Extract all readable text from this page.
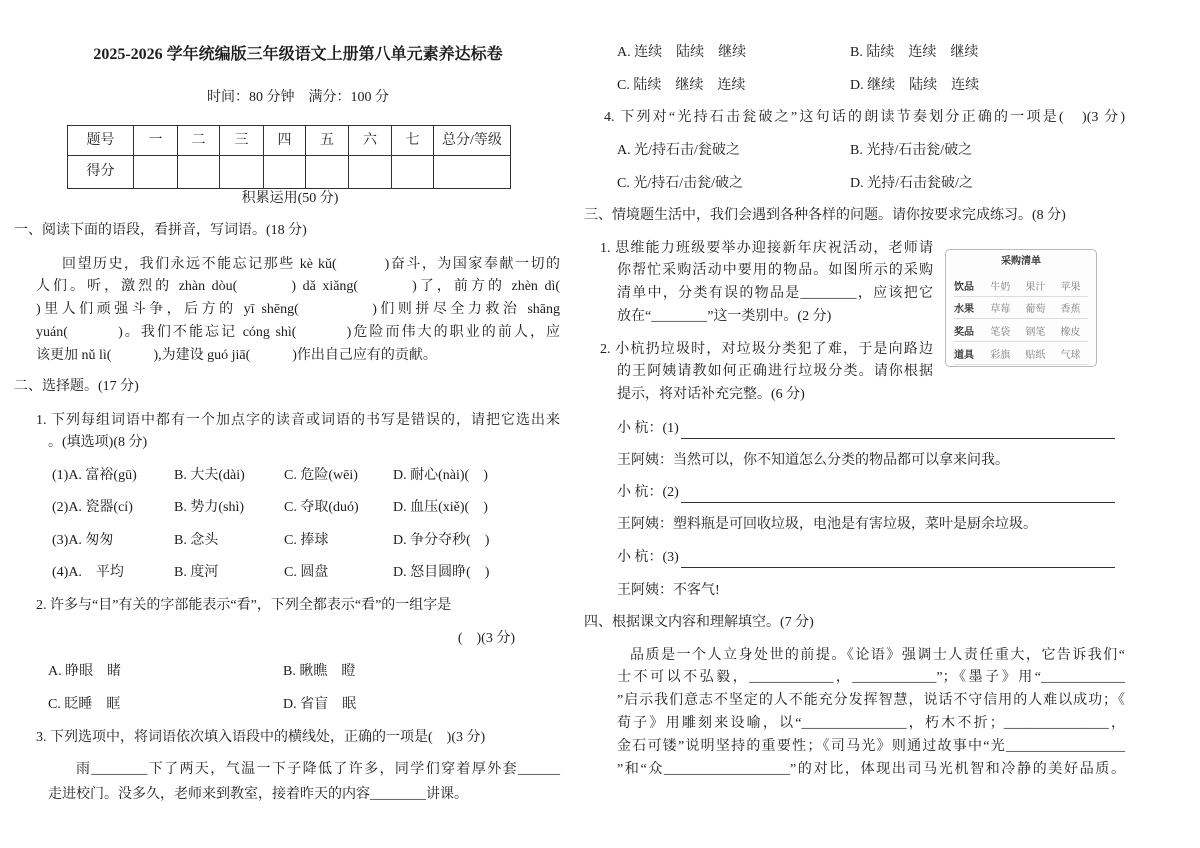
2025-2026 学年统编版三年级语文上册第八单元素养达标卷
时间：80 分钟　满分：100 分
题号	一	二	三	四	五	六	七	总分/等级
得分								
积累运用(50 分)
一、阅读下面的语段，看拼音，写词语。(18 分)
回望历史，我们永远不能忘记那些 kè kǔ(　　　)奋斗，为国家奉献一切的
人们。听，激烈的 zhàn dòu(　　　) dǎ xiǎng(　　　)了，前方的 zhèn dì(
)里人们顽强斗争，后方的 yī shēng(　　　　)们则拼尽全力救治 shāng
yuán(　　　)。我们不能忘记 cóng shì(　　　)危险而伟大的职业的前人，应
该更加 nǔ lì(　　　),为建设 guó jiā(　　　)作出自己应有的贡献。
二、选择题。(17 分)
1. 下列每组词语中都有一个加点字的读音或词语的书写是错误的，请把它选出来
。(填选项)(8 分)
(1)A. 富裕(gū)	B. 大夫(dài)	C. 危险(wēi)	D. 耐心(nài)(　)
(2)A. 瓷器(cí)	B. 势力(shì)	C. 夺取(duó) D. 血压(xiě)(　)
(3)A. 匆匆	B. 念头	C. 捧球	D. 争分夺秒(　)
(4)A.　平均	B. 度河	C. 圆盘	D. 怒目圆睁(　)
2. 许多与“目”有关的字部能表示“看”，下列全都表示“看”的一组字是
(　)(3 分)
A. 睁眼　睹	B. 瞅瞧　瞪
C. 眨睡　眶	D. 省盲　眠
3. 下列选项中，将词语依次填入语段中的横线处，正确的一项是(　)(3 分)
雨________下了两天，气温一下子降低了许多，同学们穿着厚外套______
走进校门。没多久，老师来到教室，接着昨天的内容________讲课。
A. 连续　陆续　继续	B. 陆续　连续　继续
C. 陆续　继续　连续	D. 继续　陆续　连续
4. 下列对“光持石击瓮破之”这句话的朗读节奏划分正确的一项是(　)(3 分)
A. 光/持石击/瓮破之	B. 光持/石击瓮/破之
C. 光/持石/击瓮/破之	D. 光持/石击瓮破/之
三、情境题生活中，我们会遇到各种各样的问题。请你按要求完成练习。(8 分)
1. 思维能力班级要举办迎接新年庆祝活动，老师请
你帮忙采购活动中要用的物品。如图所示的采购
清单中，分类有误的物品是________，应该把它
放在“________”这一类别中。(2 分)
采购清单
饮品	牛奶	果汁	苹果
水果	草莓	葡萄	香蕉
奖品	笔袋	钢笔	橡皮
道具	彩旗	贴纸	气球
2. 小杭扔垃圾时，对垃圾分类犯了难，于是向路边
的王阿姨请教如何正确进行垃圾分类。请你根据
提示，将对话补充完整。(6 分)
小 杭：(1)
王阿姨： 当然可以，你不知道怎么分类的物品都可以拿来问我。
小 杭：(2)
王阿姨： 塑料瓶是可回收垃圾，电池是有害垃圾，菜叶是厨余垃圾。
小 杭：(3)
王阿姨： 不客气!
四、根据课文内容和理解填空。(7 分)
品质是一个人立身处世的前提。《论语》强调士人责任重大，它告诉我们“
士不可以不弘毅，____________，____________”；《墨子》用“____________
”启示我们意志不坚定的人不能充分发挥智慧，说话不守信用的人难以成功；《
荀子》用雕刻来设喻，以“_______________，朽木不折；_______________，
金石可镂”说明坚持的重要性；《司马光》则通过故事中“光_________________
”和“众__________________”的对比，体现出司马光机智和冷静的美好品质。
